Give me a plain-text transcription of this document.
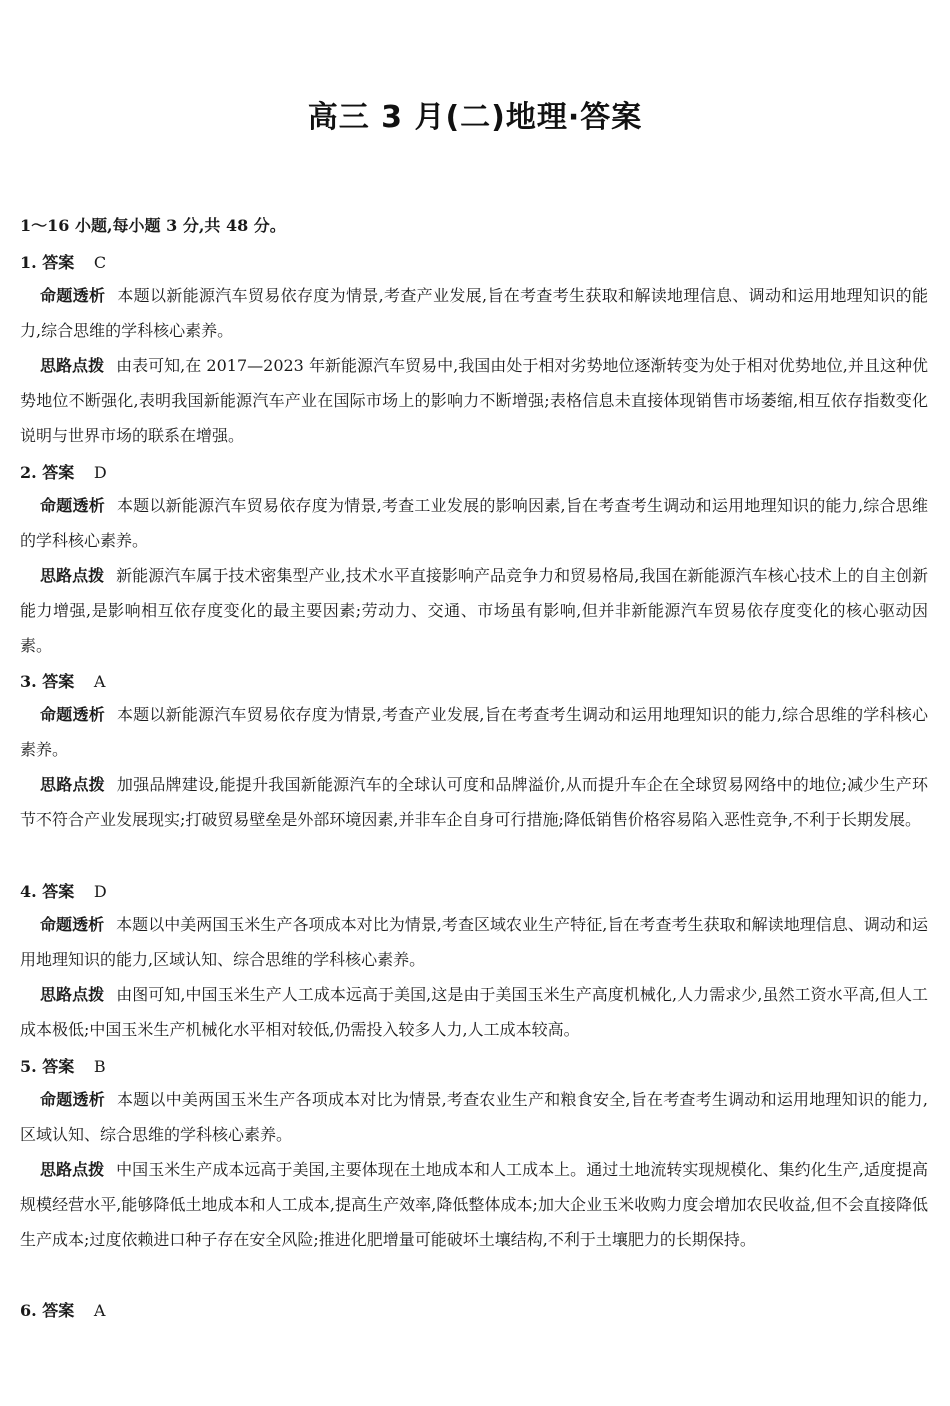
高三 3 月(二)地理·答案
1～16 小题,每小题 3 分,共 48 分。
1. 答案 C
命题透析 本题以新能源汽车贸易依存度为情景,考查产业发展,旨在考查考生获取和解读地理信息、调动和运用地理知识的能力,综合思维的学科核心素养。
思路点拨 由表可知,在 2017—2023 年新能源汽车贸易中,我国由处于相对劣势地位逐渐转变为处于相对优势地位,并且这种优势地位不断强化,表明我国新能源汽车产业在国际市场上的影响力不断增强;表格信息未直接体现销售市场萎缩,相互依存指数变化说明与世界市场的联系在增强。
2. 答案 D
命题透析 本题以新能源汽车贸易依存度为情景,考查工业发展的影响因素,旨在考查考生调动和运用地理知识的能力,综合思维的学科核心素养。
思路点拨 新能源汽车属于技术密集型产业,技术水平直接影响产品竞争力和贸易格局,我国在新能源汽车核心技术上的自主创新能力增强,是影响相互依存度变化的最主要因素;劳动力、交通、市场虽有影响,但并非新能源汽车贸易依存度变化的核心驱动因素。
3. 答案 A
命题透析 本题以新能源汽车贸易依存度为情景,考查产业发展,旨在考查考生调动和运用地理知识的能力,综合思维的学科核心素养。
思路点拨 加强品牌建设,能提升我国新能源汽车的全球认可度和品牌溢价,从而提升车企在全球贸易网络中的地位;减少生产环节不符合产业发展现实;打破贸易壁垒是外部环境因素,并非车企自身可行措施;降低销售价格容易陷入恶性竞争,不利于长期发展。
4. 答案 D
命题透析 本题以中美两国玉米生产各项成本对比为情景,考查区域农业生产特征,旨在考查考生获取和解读地理信息、调动和运用地理知识的能力,区域认知、综合思维的学科核心素养。
思路点拨 由图可知,中国玉米生产人工成本远高于美国,这是由于美国玉米生产高度机械化,人力需求少,虽然工资水平高,但人工成本极低;中国玉米生产机械化水平相对较低,仍需投入较多人力,人工成本较高。
5. 答案 B
命题透析 本题以中美两国玉米生产各项成本对比为情景,考查农业生产和粮食安全,旨在考查考生调动和运用地理知识的能力,区域认知、综合思维的学科核心素养。
思路点拨 中国玉米生产成本远高于美国,主要体现在土地成本和人工成本上。通过土地流转实现规模化、集约化生产,适度提高规模经营水平,能够降低土地成本和人工成本,提高生产效率,降低整体成本;加大企业玉米收购力度会增加农民收益,但不会直接降低生产成本;过度依赖进口种子存在安全风险;推进化肥增量可能破坏土壤结构,不利于土壤肥力的长期保持。
6. 答案 A
